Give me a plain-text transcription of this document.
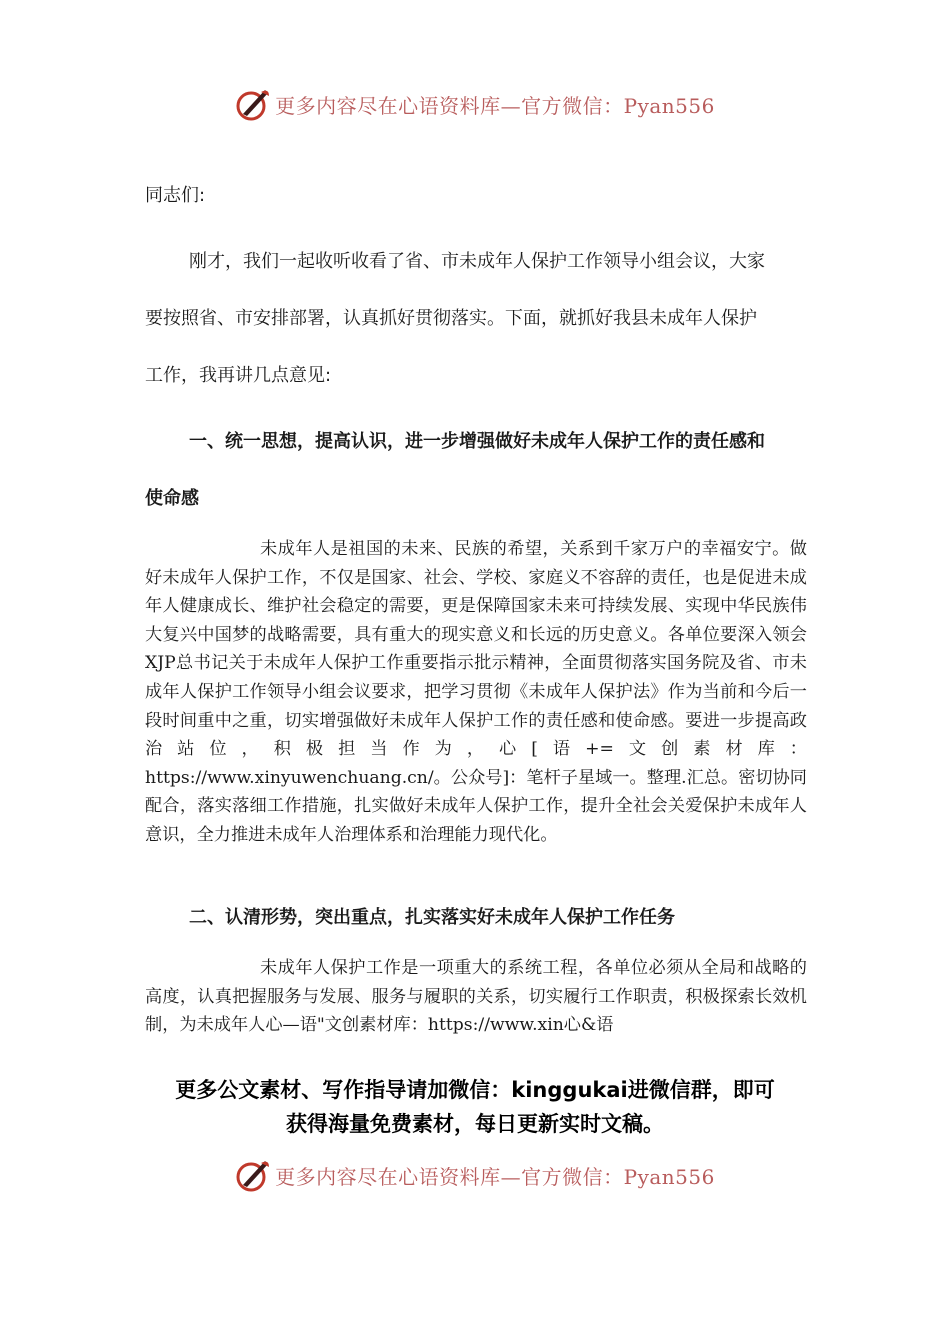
更多内容尽在心语资料库—官方微信：Pyan556
同志们:
刚才，我们一起收听收看了省、市未成年人保护工作领导小组会议，大家
要按照省、市安排部署，认真抓好贯彻落实。下面，就抓好我县未成年人保护
工作，我再讲几点意见:
一、统一思想，提高认识，进一步增强做好未成年人保护工作的责任感和
使命感
未成年人是祖国的未来、民族的希望，关系到千家万户的幸福安宁。做好未成年人保护工作，不仅是国家、社会、学校、家庭义不容辞的责任，也是促进未成年人健康成长、维护社会稳定的需要，更是保障国家未来可持续发展、实现中华民族伟大复兴中国梦的战略需要，具有重大的现实意义和长远的历史意义。各单位要深入领会XJP总书记关于未成年人保护工作重要指示批示精神，全面贯彻落实国务院及省、市未成年人保护工作领导小组会议要求，把学习贯彻《未成年人保护法》作为当前和今后一段时间重中之重，切实增强做好未成年人保护工作的责任感和使命感。要进一步提高政治站位，积极担当作为，心[语+=文创素材库：https://www.xinyuwenchuang.cn/。公众号]：笔杆子星域一。整理.汇总。密切协同配合，落实落细工作措施，扎实做好未成年人保护工作，提升全社会关爱保护未成年人意识，全力推进未成年人治理体系和治理能力现代化。
二、认清形势，突出重点，扎实落实好未成年人保护工作任务
未成年人保护工作是一项重大的系统工程，各单位必须从全局和战略的高度，认真把握服务与发展、服务与履职的关系，切实履行工作职责，积极探索长效机制，为未成年人心—语"文创素材库：https://www.xin心&语
更多公文素材、写作指导请加微信：kinggukai进微信群，即可
获得海量免费素材，每日更新实时文稿。
更多内容尽在心语资料库—官方微信：Pyan556
